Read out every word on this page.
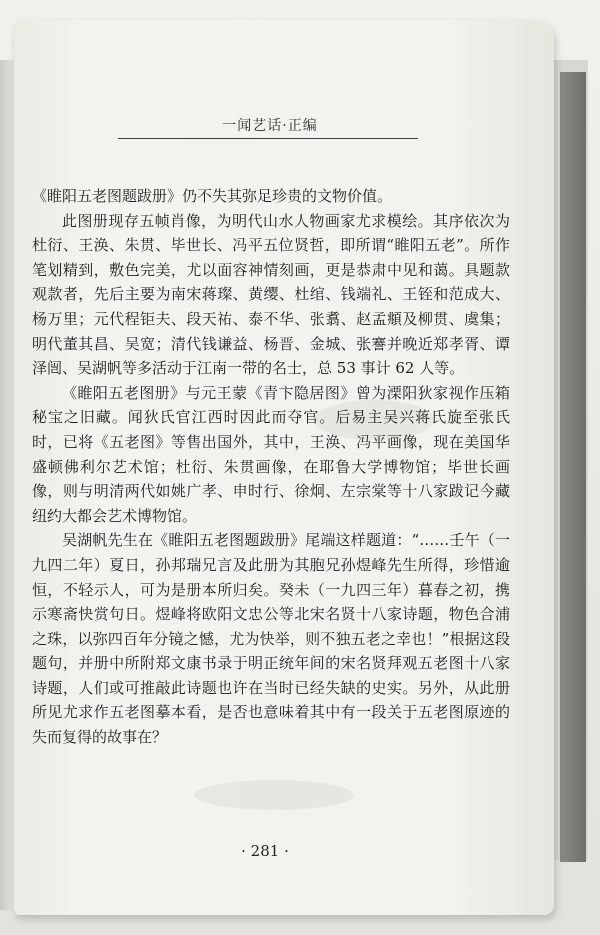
一闻艺话·正编

《睢阳五老图题跋册》仍不失其弥足珍贵的文物价值。

此图册现存五帧肖像，为明代山水人物画家尤求模绘。其序依次为杜衍、王涣、朱贯、毕世长、冯平五位贤哲，即所谓“睢阳五老”。所作笔划精到，敷色完美，尤以面容神情刻画，更是恭肃中见和蔼。具题款观款者，先后主要为南宋蒋璨、黄缨、杜绾、钱端礼、王铚和范成大、杨万里；元代程钜夫、段天祐、泰不华、张翥、赵孟頫及柳贯、虞集；明代董其昌、吴宽；清代钱谦益、杨晋、金城、张謇并晚近郑孝胥、谭泽闿、吴湖帆等多活动于江南一带的名士，总 53 事计 62 人等。

《睢阳五老图册》与元王蒙《青卞隐居图》曾为溧阳狄家视作压箱秘宝之旧藏。闻狄氏官江西时因此而夺官。后易主吴兴蒋氏旋至张氏时，已将《五老图》等售出国外，其中，王涣、冯平画像，现在美国华盛顿佛利尔艺术馆；杜衍、朱贯画像，在耶鲁大学博物馆；毕世长画像，则与明清两代如姚广孝、申时行、徐炯、左宗棠等十八家跋记今藏纽约大都会艺术博物馆。

吴湖帆先生在《睢阳五老图题跋册》尾端这样题道：“……壬午（一九四二年）夏日，孙邦瑞兄言及此册为其胞兄孙煜峰先生所得，珍惜逾恒，不轻示人，可为是册本所归矣。癸未（一九四三年）暮春之初，携示寒斋快赏句日。煜峰将欧阳文忠公等北宋名贤十八家诗题，物色合浦之珠，以弥四百年分镜之憾，尤为快举，则不独五老之幸也！”根据这段题句，并册中所附郑文康书录于明正统年间的宋名贤拜观五老图十八家诗题，人们或可推敲此诗题也许在当时已经失缺的史实。另外，从此册所见尤求作五老图摹本看，是否也意味着其中有一段关于五老图原迹的失而复得的故事在？

· 281 ·
